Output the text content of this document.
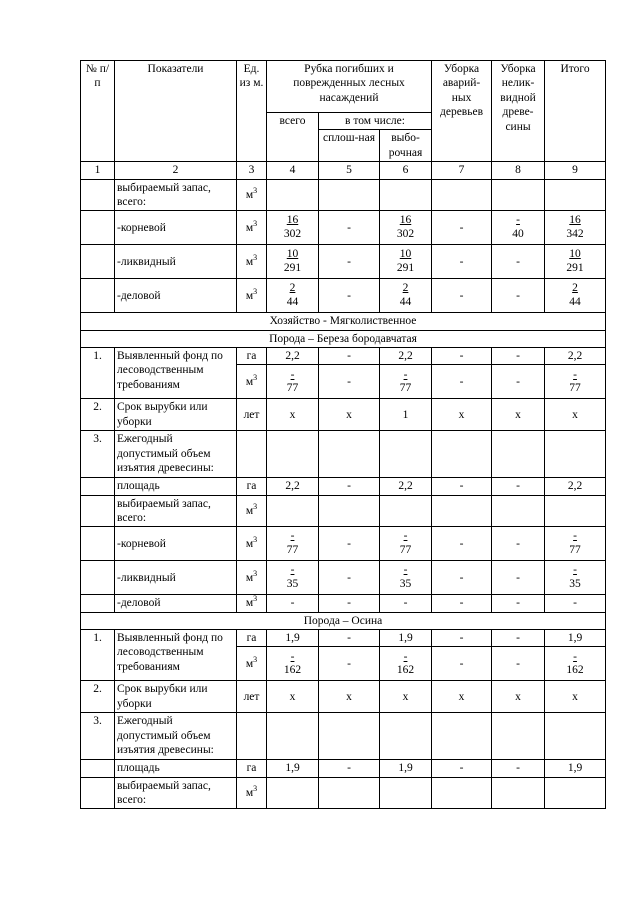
№ п/п	Показатели	Ед. из м.	Рубка погибших и поврежденных лесных насаждений			Уборка аварий-ных деревьев	Уборка нелик-видной древе-сины	Итого
			всего	в том числе:				
				сплош-ная	выбо-рочная			
1	2	3	4	5	6	7	8	9
	выбираемый запас, всего:	$м^3$						
	-корневой	$м^3$	$\frac{16}{302}$	-	$\frac{16}{302}$	-	$\frac{-}{40}$	$\frac{16}{342}$

	-ликвидный	$м^3$	$\frac{10}{291}$	-	$\frac{10}{291}$	-	-	$\frac{10}{291}$

	-деловой	$м^3$	$\frac{2}{44}$	-	$\frac{2}{44}$	-	-	$\frac{2}{44}$

Хозяйство - Мягколиственное								
Порода – Береза бородавчатая								
1.	Выявленный фонд по лесоводственным требованиям	га	2,2	-	2,2	-	-	2,2
		$м^3$	$\frac{-}{77}$	-	$\frac{-}{77}$	-	-	$\frac{-}{77}$

2.	Срок вырубки или уборки	лет	х	х	1	х	х	х
3.	Ежегодный допустимый объем изъятия древесины:							
	площадь	га	2,2	-	2,2	-	-	2,2
	выбираемый запас, всего:	$м^3$						
	-корневой	$м^3$	$\frac{-}{77}$	-	$\frac{-}{77}$	-	-	$\frac{-}{77}$

	-ликвидный	$м^3$	$\frac{-}{35}$	-	$\frac{-}{35}$	-	-	$\frac{-}{35}$

	-деловой	$м^3$	-	-	-	-	-	-
Порода – Осина								
1.	Выявленный фонд по лесоводственным требованиям	га	1,9	-	1,9	-	-	1,9
		$м^3$	$\frac{-}{162}$	-	$\frac{-}{162}$	-	-	$\frac{-}{162}$

2.	Срок вырубки или уборки	лет	х	х	х	х	х	х
3.	Ежегодный допустимый объем изъятия древесины:							
	площадь	га	1,9	-	1,9	-	-	1,9
	выбираемый запас, всего:	$м^3$						
